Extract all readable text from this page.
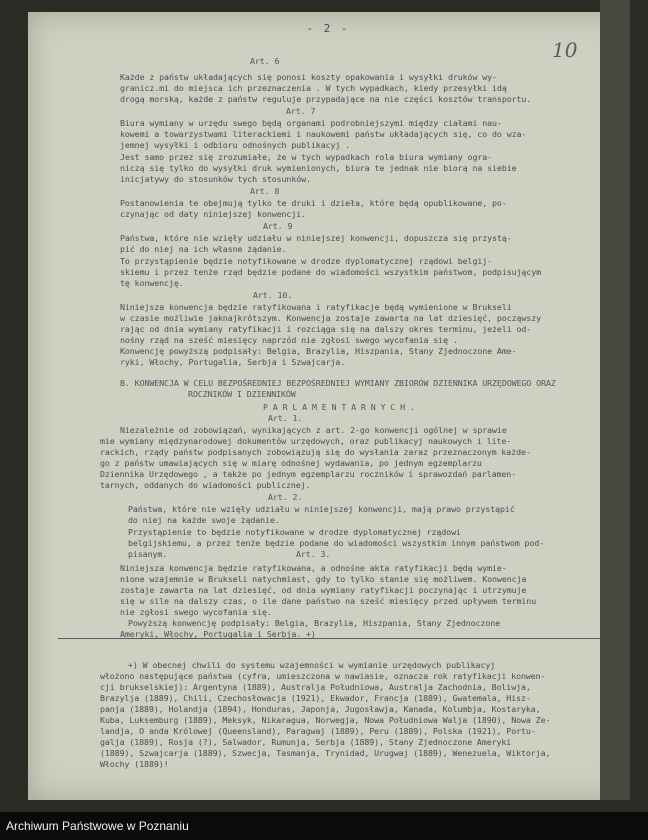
- 2 -
10
Art. 6
Każde z państw układających się ponosi koszty opakowania i wysyłki druków wy-
granicz.mi do miejsca ich przeznaczenia . W tych wypadkach, kiedy przesyłki idą
drogą morską, każde z państw reguluje przypadające na nie części kosztów transportu.
Art. 7
Biura wymiany w urzędu swego będą organami podrobniejszymi między ciałami nau-
kowemi a towarzystwami literackiemi i naukowemi państw układających się, co do wza-
jemnej wysyłki i odbioru odnośnych publikacyj .
Jest samo przez się zrozumiałe, że w tych wypadkach rola biura wymiany ogra-
niczą się tylko do wysyłki druk wymienionych, biura te jednak nie biorą na siebie
inicjatywy do stosunków tych stosunków.
Art. 8
Postanowienia te obejmują tylko te druki i dzieła, które będą opublikowane, po-
czynając od daty niniejszej konwencji.
Art. 9
Państwa, które nie wzięły udziału w niniejszej konwencji, dopuszcza się przystą-
pić do niej na ich własne żądanie.
To przystąpienie będzie notyfikowane w drodze dyplomatycznej rządowi belgij-
skiemu i przez tenże rząd będzie podane do wiadomości wszystkim państwom, podpisującym
tę konwencję.
Art. 10.
Niniejsza konwencja będzie ratyfikowana i ratyfikacje będą wymienione w Brukseli
w czasie możliwie jaknajkrótszym. Konwencja zostaje zawarta na lat dziesięć, począwszy
rając od dnia wymiany ratyfikacji i rozciąga się na dalszy okres terminu, jeżeli od-
nośny rząd na sześć miesięcy naprzód nie zgłosi swego wycofania się .
Konwencję powyższą podpisały: Belgia, Brazylia, Hiszpania, Stany Zjednoczone Ame-
ryki, Włochy, Portugalia, Serbja i Szwajcarja.
B. KONWENCJA W CELU BEZPOŚREDNIEJ BEZPOŚREDNIEJ WYMIANY ZBIORÓW DZIENNIKA URZĘDOWEGO ORAZ
ROCZNIKÓW I DZIENNIKÓW
P A R L A M E N T A R N Y C H .
Art. 1.
Niezależnie od zobowiązań, wynikających z art. 2-go konwencji ogólnej w sprawie
mie wymiany międzynarodowej dokumentów urzędowych, oraz publikacyj naukowych i lite-
rackich, rządy państw podpisanych zobowiązują się do wysłania zaraz przeznaczonym każde-
go z państw umawiających się w miarę odnośnej wydawania, po jednym egzemplarzu
Dziennika Urzędowego , a także po jednym egzemplarzu roczników i sprawozdań parlamen-
tarnych, oddanych do wiadomości publicznej.
Art. 2.
Państwa, które nie wzięły udziału w niniejszej konwencji, mają prawo przystąpić
do niej na każde swoje żądanie.
Przystąpienie to będzie notyfikowane w drodze dyplomatycznej rządowi
belgijskiemu, a przez tenże będzie podane do wiadomości wszystkim innym państwom pod-
pisanym.	Art. 3.
Niniejsza konwencja będzie ratyfikowana, a odnośne akta ratyfikacji będą wymie-
nione wzajemnie w Brukseli natychmiast, gdy to tylko stanie się możliwem. Konwencja
zostaje zawarta na lat dziesięć, od dnia wymiany ratyfikacji poczynając i utrzymuje
się w sile na dalszy czas, o ile dane państwo na sześć miesięcy przed upływem terminu
nie zgłosi swego wycofania się.
Powyższą konwencję podpisały: Belgia, Brazylia, Hiszpania, Stany Zjednoczone
Ameryki, Włochy, Portugalia i Serbja. +)
+) W obecnej chwili do systemu wzajemności w wymianie urzędowych publikacyj
włożono następujące państwa (cyfra, umieszczona w nawiasie, oznacza rok ratyfikacji konwen-
cji brukselskiej): Argentyna (1889), Australja Południowa, Australja Zachodnia, Boliwja,
Brazylja (1889), Chili, Czechosłowacja (1921), Ekwador, Francja (1889), Gwatemala, Hisz-
panja (1889), Holandja (1894), Honduras, Japonja, Jugosławja, Kanada, Kolumbja, Kostaryka,
Kuba, Luksemburg (1889), Meksyk, Nikaragua, Norwegja, Nowa Południowa Walja (1890), Nowa Ze-
landja, O anda Królowej (Queensland), Paragwaj (1889), Peru (1889), Polska (1921), Portu-
galja (1889), Rosja (?), Salwador, Rumunja, Serbja (1889), Stany Zjednoczone Ameryki
(1889), Szwajcarja (1889), Szwecja, Tasmanja, Trynidad, Urugwaj (1889), Wenezuela, Wiktorja,
Włochy (1889)!
Archiwum Państwowe w Poznaniu
